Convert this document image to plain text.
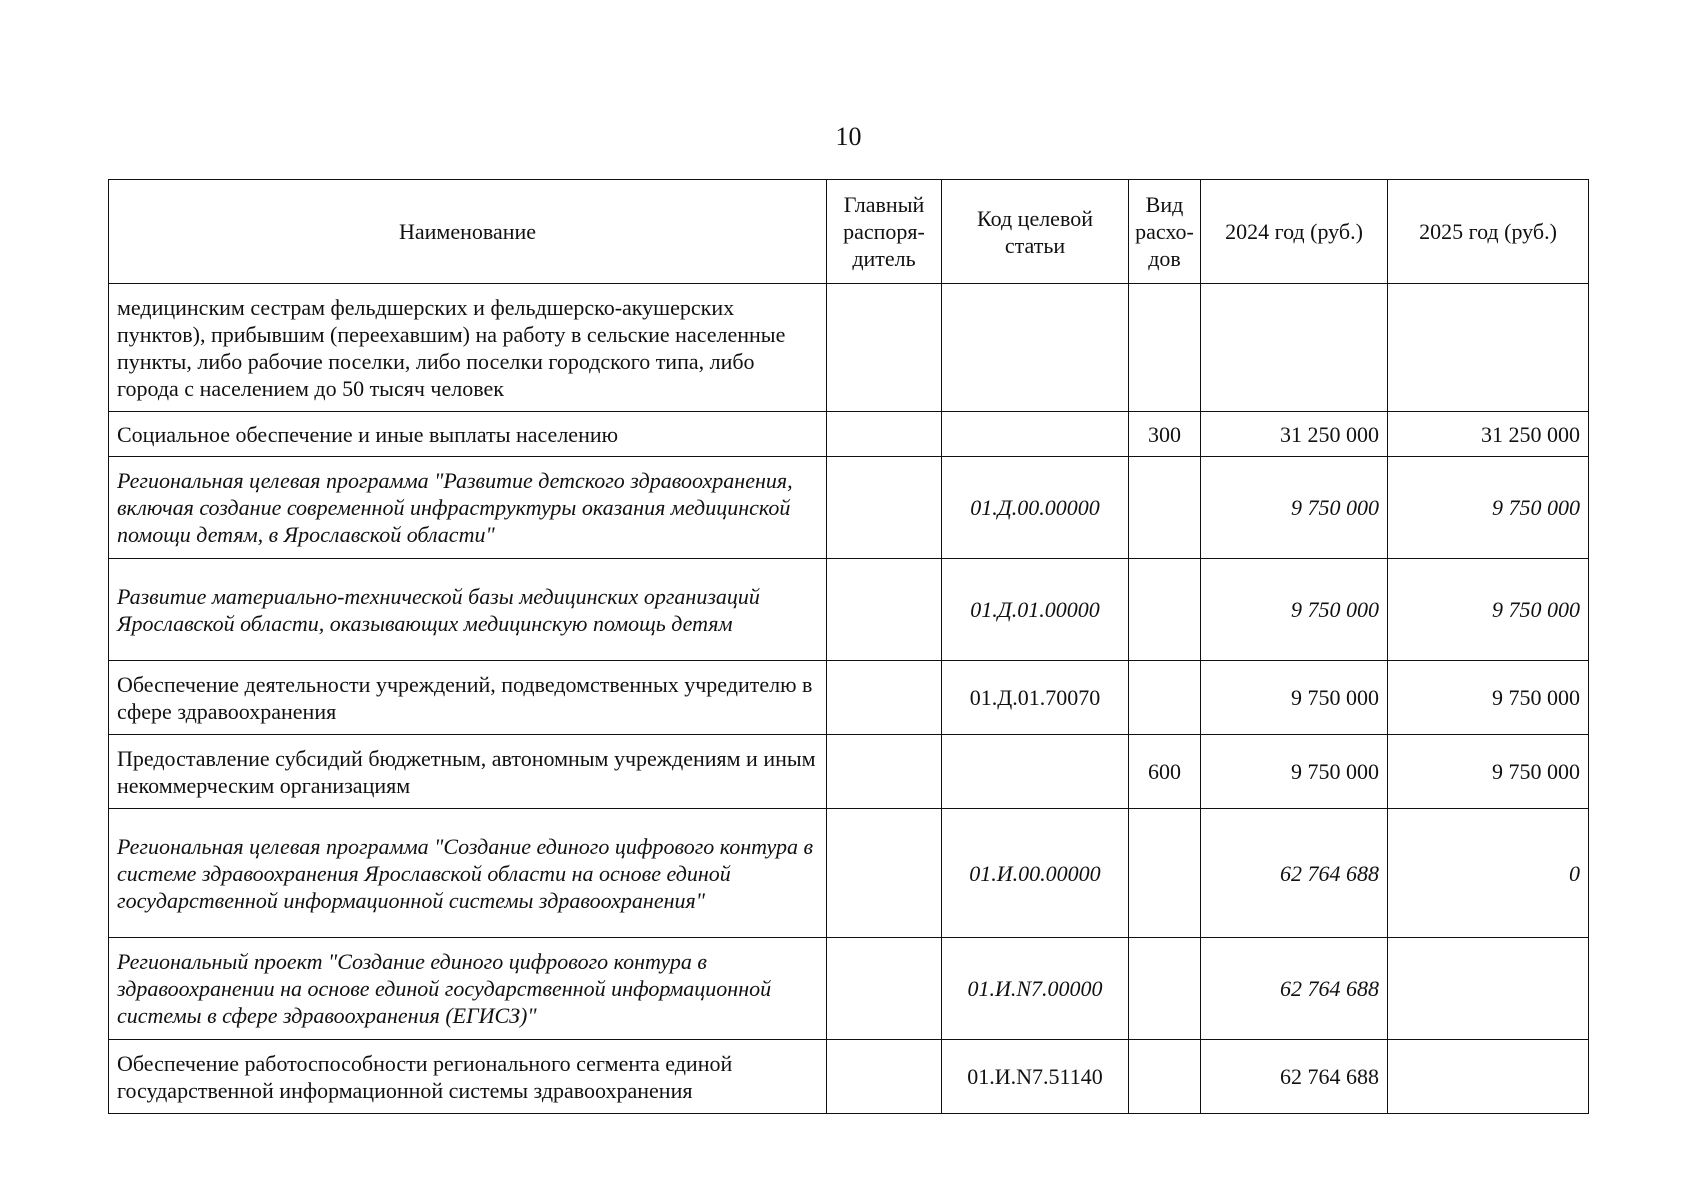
10
Наименование	Главный распоря-дитель	Код целевой статьи	Вид расхо-дов	2024 год (руб.)	2025 год (руб.)
медицинским сестрам фельдшерских и фельдшерско-акушерских пунктов), прибывшим (переехавшим) на работу в сельские населенные пункты, либо рабочие поселки, либо поселки городского типа, либо города с населением до 50 тысяч человек					
Социальное обеспечение и иные выплаты населению			300	31 250 000	31 250 000
Региональная целевая программа "Развитие детского здравоохранения, включая создание современной инфраструктуры оказания медицинской помощи детям, в Ярославской области"		01.Д.00.00000		9 750 000	9 750 000
Развитие материально-технической базы медицинских организаций Ярославской области, оказывающих медицинскую помощь детям		01.Д.01.00000		9 750 000	9 750 000
Обеспечение деятельности учреждений, подведомственных учредителю в сфере здравоохранения		01.Д.01.70070		9 750 000	9 750 000
Предоставление субсидий бюджетным, автономным учреждениям и иным некоммерческим организациям			600	9 750 000	9 750 000
Региональная целевая программа "Создание единого цифрового контура в системе здравоохранения Ярославской области на основе единой государственной информационной системы здравоохранения"		01.И.00.00000		62 764 688	0
Региональный проект "Создание единого цифрового контура в здравоохранении на основе единой государственной информационной системы в сфере здравоохранения (ЕГИСЗ)"		01.И.N7.00000		62 764 688	
Обеспечение работоспособности регионального сегмента единой государственной информационной системы здравоохранения		01.И.N7.51140		62 764 688	
